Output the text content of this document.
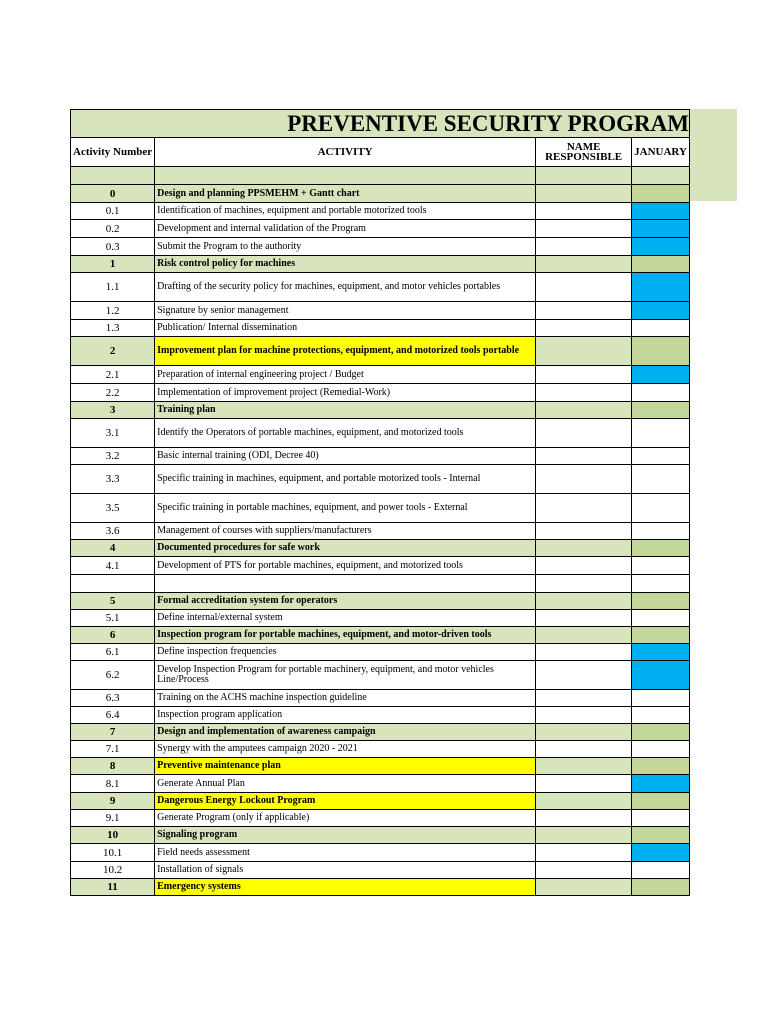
PREVENTIVE SECURITY PROGRAM			
Activity Number	ACTIVITY	NAME RESPONSIBLE	JANUARY

0	Design and planning PPSMEHM + Gantt chart		
0.1	Identification of machines, equipment and portable motorized tools		
0.2	Development and internal validation of the Program		
0.3	Submit the Program to the authority		
1	Risk control policy for machines		
1.1	Drafting of the security policy for machines, equipment, and motor vehicles portables		
1.2	Signature by senior management		
1.3	Publication/ Internal dissemination		
2	Improvement plan for machine protections, equipment, and motorized tools portable		
2.1	Preparation of internal engineering project / Budget		
2.2	Implementation of improvement project (Remedial-Work)		
3	Training plan		
3.1	Identify the Operators of portable machines, equipment, and motorized tools		
3.2	Basic internal training (ODI, Decree 40)		
3.3	Specific training in machines, equipment, and portable motorized tools - Internal		
3.5	Specific training in portable machines, equipment, and power tools - External		
3.6	Management of courses with suppliers/manufacturers		
4	Documented procedures for safe work		
4.1	Development of PTS for portable machines, equipment, and motorized tools		

5	Formal accreditation system for operators		
5.1	Define internal/external system		
6	Inspection program for portable machines, equipment, and motor-driven tools		
6.1	Define inspection frequencies		
6.2	Develop Inspection Program for portable machinery, equipment, and motor vehicles Line/Process		
6.3	Training on the ACHS machine inspection guideline		
6.4	Inspection program application		
7	Design and implementation of awareness campaign		
7.1	Synergy with the amputees campaign 2020 - 2021		
8	Preventive maintenance plan		
8.1	Generate Annual Plan		
9	Dangerous Energy Lockout Program		
9.1	Generate Program (only if applicable)		
10	Signaling program		
10.1	Field needs assessment		
10.2	Installation of signals		
11	Emergency systems		
